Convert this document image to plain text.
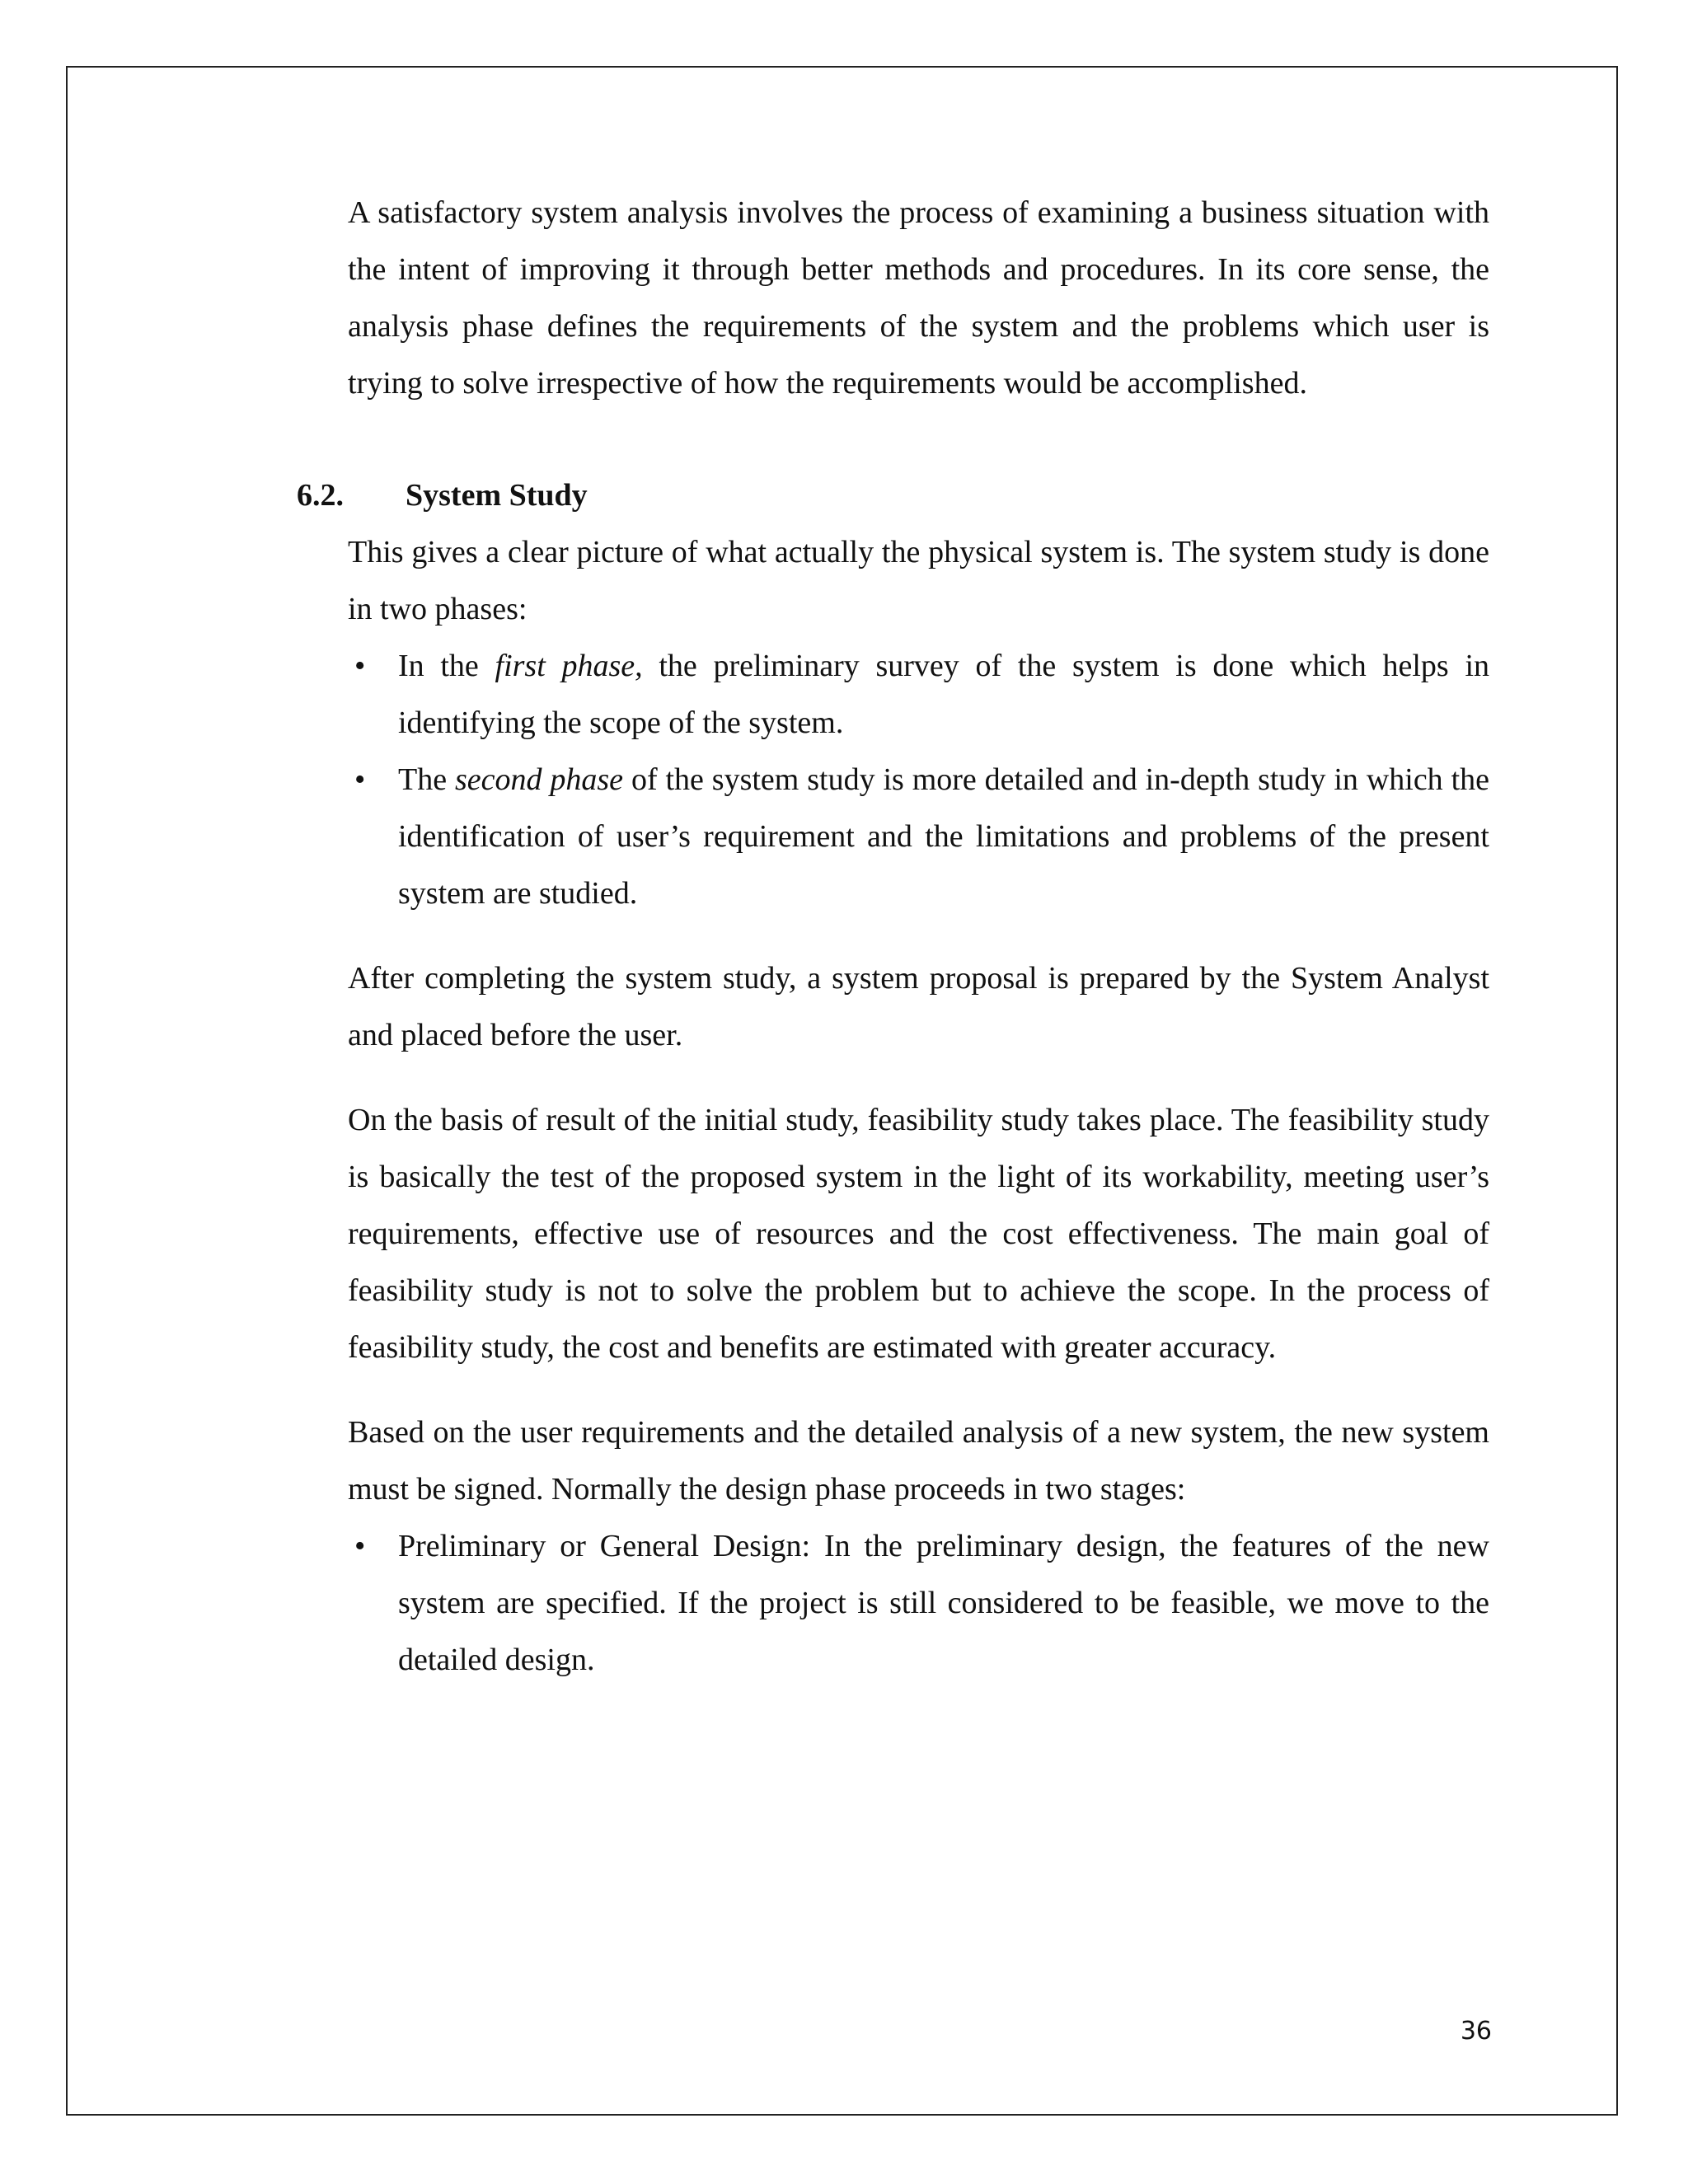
A satisfactory system analysis involves the process of examining a business situation with the intent of improving it through better methods and procedures. In its core sense, the analysis phase defines the requirements of the system and the problems which user is trying to solve irrespective of how the requirements would be accomplished.

6.2. System Study

This gives a clear picture of what actually the physical system is. The system study is done in two phases:

• In the first phase, the preliminary survey of the system is done which helps in identifying the scope of the system.
• The second phase of the system study is more detailed and in-depth study in which the identification of user’s requirement and the limitations and problems of the present system are studied.

After completing the system study, a system proposal is prepared by the System Analyst and placed before the user.

On the basis of result of the initial study, feasibility study takes place. The feasibility study is basically the test of the proposed system in the light of its workability, meeting user’s requirements, effective use of resources and the cost effectiveness. The main goal of feasibility study is not to solve the problem but to achieve the scope. In the process of feasibility study, the cost and benefits are estimated with greater accuracy.

Based on the user requirements and the detailed analysis of a new system, the new system must be signed. Normally the design phase proceeds in two stages:

• Preliminary or General Design: In the preliminary design, the features of the new system are specified. If the project is still considered to be feasible, we move to the detailed design.
36
